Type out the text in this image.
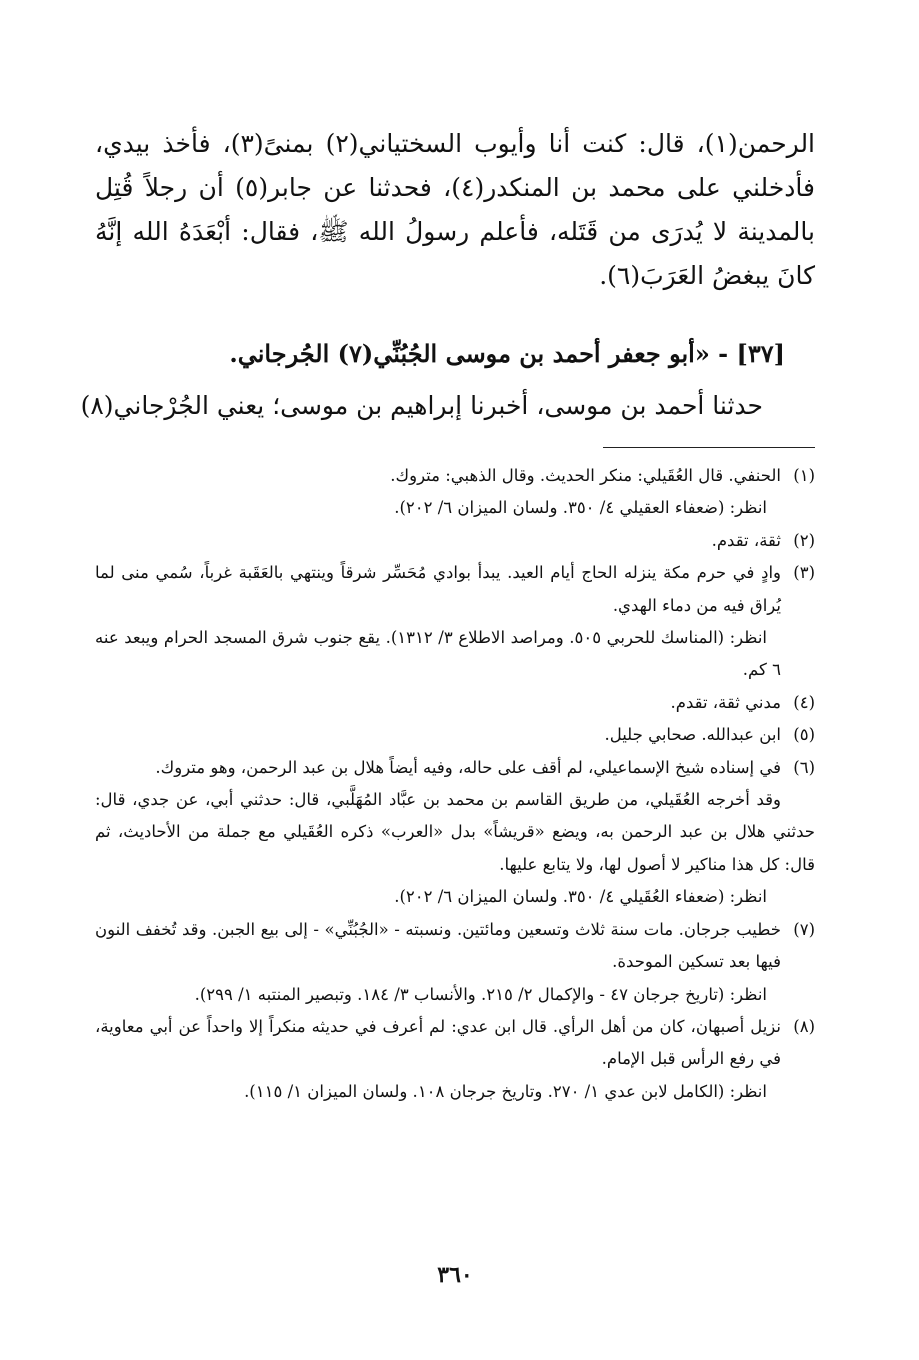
الرحمن(١)، قال: كنت أنا وأيوب السختياني(٢) بمنىً(٣)، فأخذ بيدي، فأدخلني على محمد بن المنكدر(٤)، فحدثنا عن جابر(٥) أن رجلاً قُتِل بالمدينة لا يُدرَى من قَتَله، فأعلم رسولُ الله ﷺ، فقال: أبْعَدَهُ الله إنَّهُ كانَ يبغضُ العَرَبَ(٦).

[٣٧] - «أبو جعفر أحمد بن موسى الجُبُنِّي(٧) الجُرجاني.
حدثنا أحمد بن موسى، أخبرنا إبراهيم بن موسى؛ يعني الجُرْجاني(٨)

(١)الحنفي. قال العُقَيلي: منكر الحديث. وقال الذهبي: متروك.

انظر: (ضعفاء العقيلي ٤/ ٣٥٠. ولسان الميزان ٦/ ٢٠٢).

(٢)ثقة، تقدم.

(٣)وادٍ في حرم مكة ينزله الحاج أيام العيد. يبدأ بوادي مُحَسِّر شرقاً وينتهي بالعَقَبة غرباً، سُمي منى لما يُراق فيه من دماء الهدي.

انظر: (المناسك للحربي ٥٠٥. ومراصد الاطلاع ٣/ ١٣١٢). يقع جنوب شرق المسجد الحرام ويبعد عنه ٦ كم.

(٤)مدني ثقة، تقدم.

(٥)ابن عبدالله. صحابي جليل.

(٦)في إسناده شيخ الإسماعيلي، لم أقف على حاله، وفيه أيضاً هلال بن عبد الرحمن، وهو متروك.

وقد أخرجه العُقَيلي، من طريق القاسم بن محمد بن عبَّاد المُهَلَّبي، قال: حدثني أبي، عن جدي، قال: حدثني هلال بن عبد الرحمن به، ويضع «قريشاً» بدل «العرب» ذكره العُقَيلي مع جملة من الأحاديث، ثم قال: كل هذا مناكير لا أصول لها، ولا يتابع عليها.

انظر: (ضعفاء العُقَيلي ٤/ ٣٥٠. ولسان الميزان ٦/ ٢٠٢).

(٧)خطيب جرجان. مات سنة ثلاث وتسعين ومائتين. ونسبته - «الجُبُنِّي» - إلى بيع الجبن. وقد تُخفف النون فيها بعد تسكين الموحدة.

انظر: (تاريخ جرجان ٤٧ - والإكمال ٢/ ٢١٥. والأنساب ٣/ ١٨٤. وتبصير المنتبه ١/ ٢٩٩).

(٨)نزيل أصبهان، كان من أهل الرأي. قال ابن عدي: لم أعرف في حديثه منكراً إلا واحداً عن أبي معاوية، في رفع الرأس قبل الإمام.

انظر: (الكامل لابن عدي ١/ ٢٧٠. وتاريخ جرجان ١٠٨. ولسان الميزان ١/ ١١٥).

٣٦٠
